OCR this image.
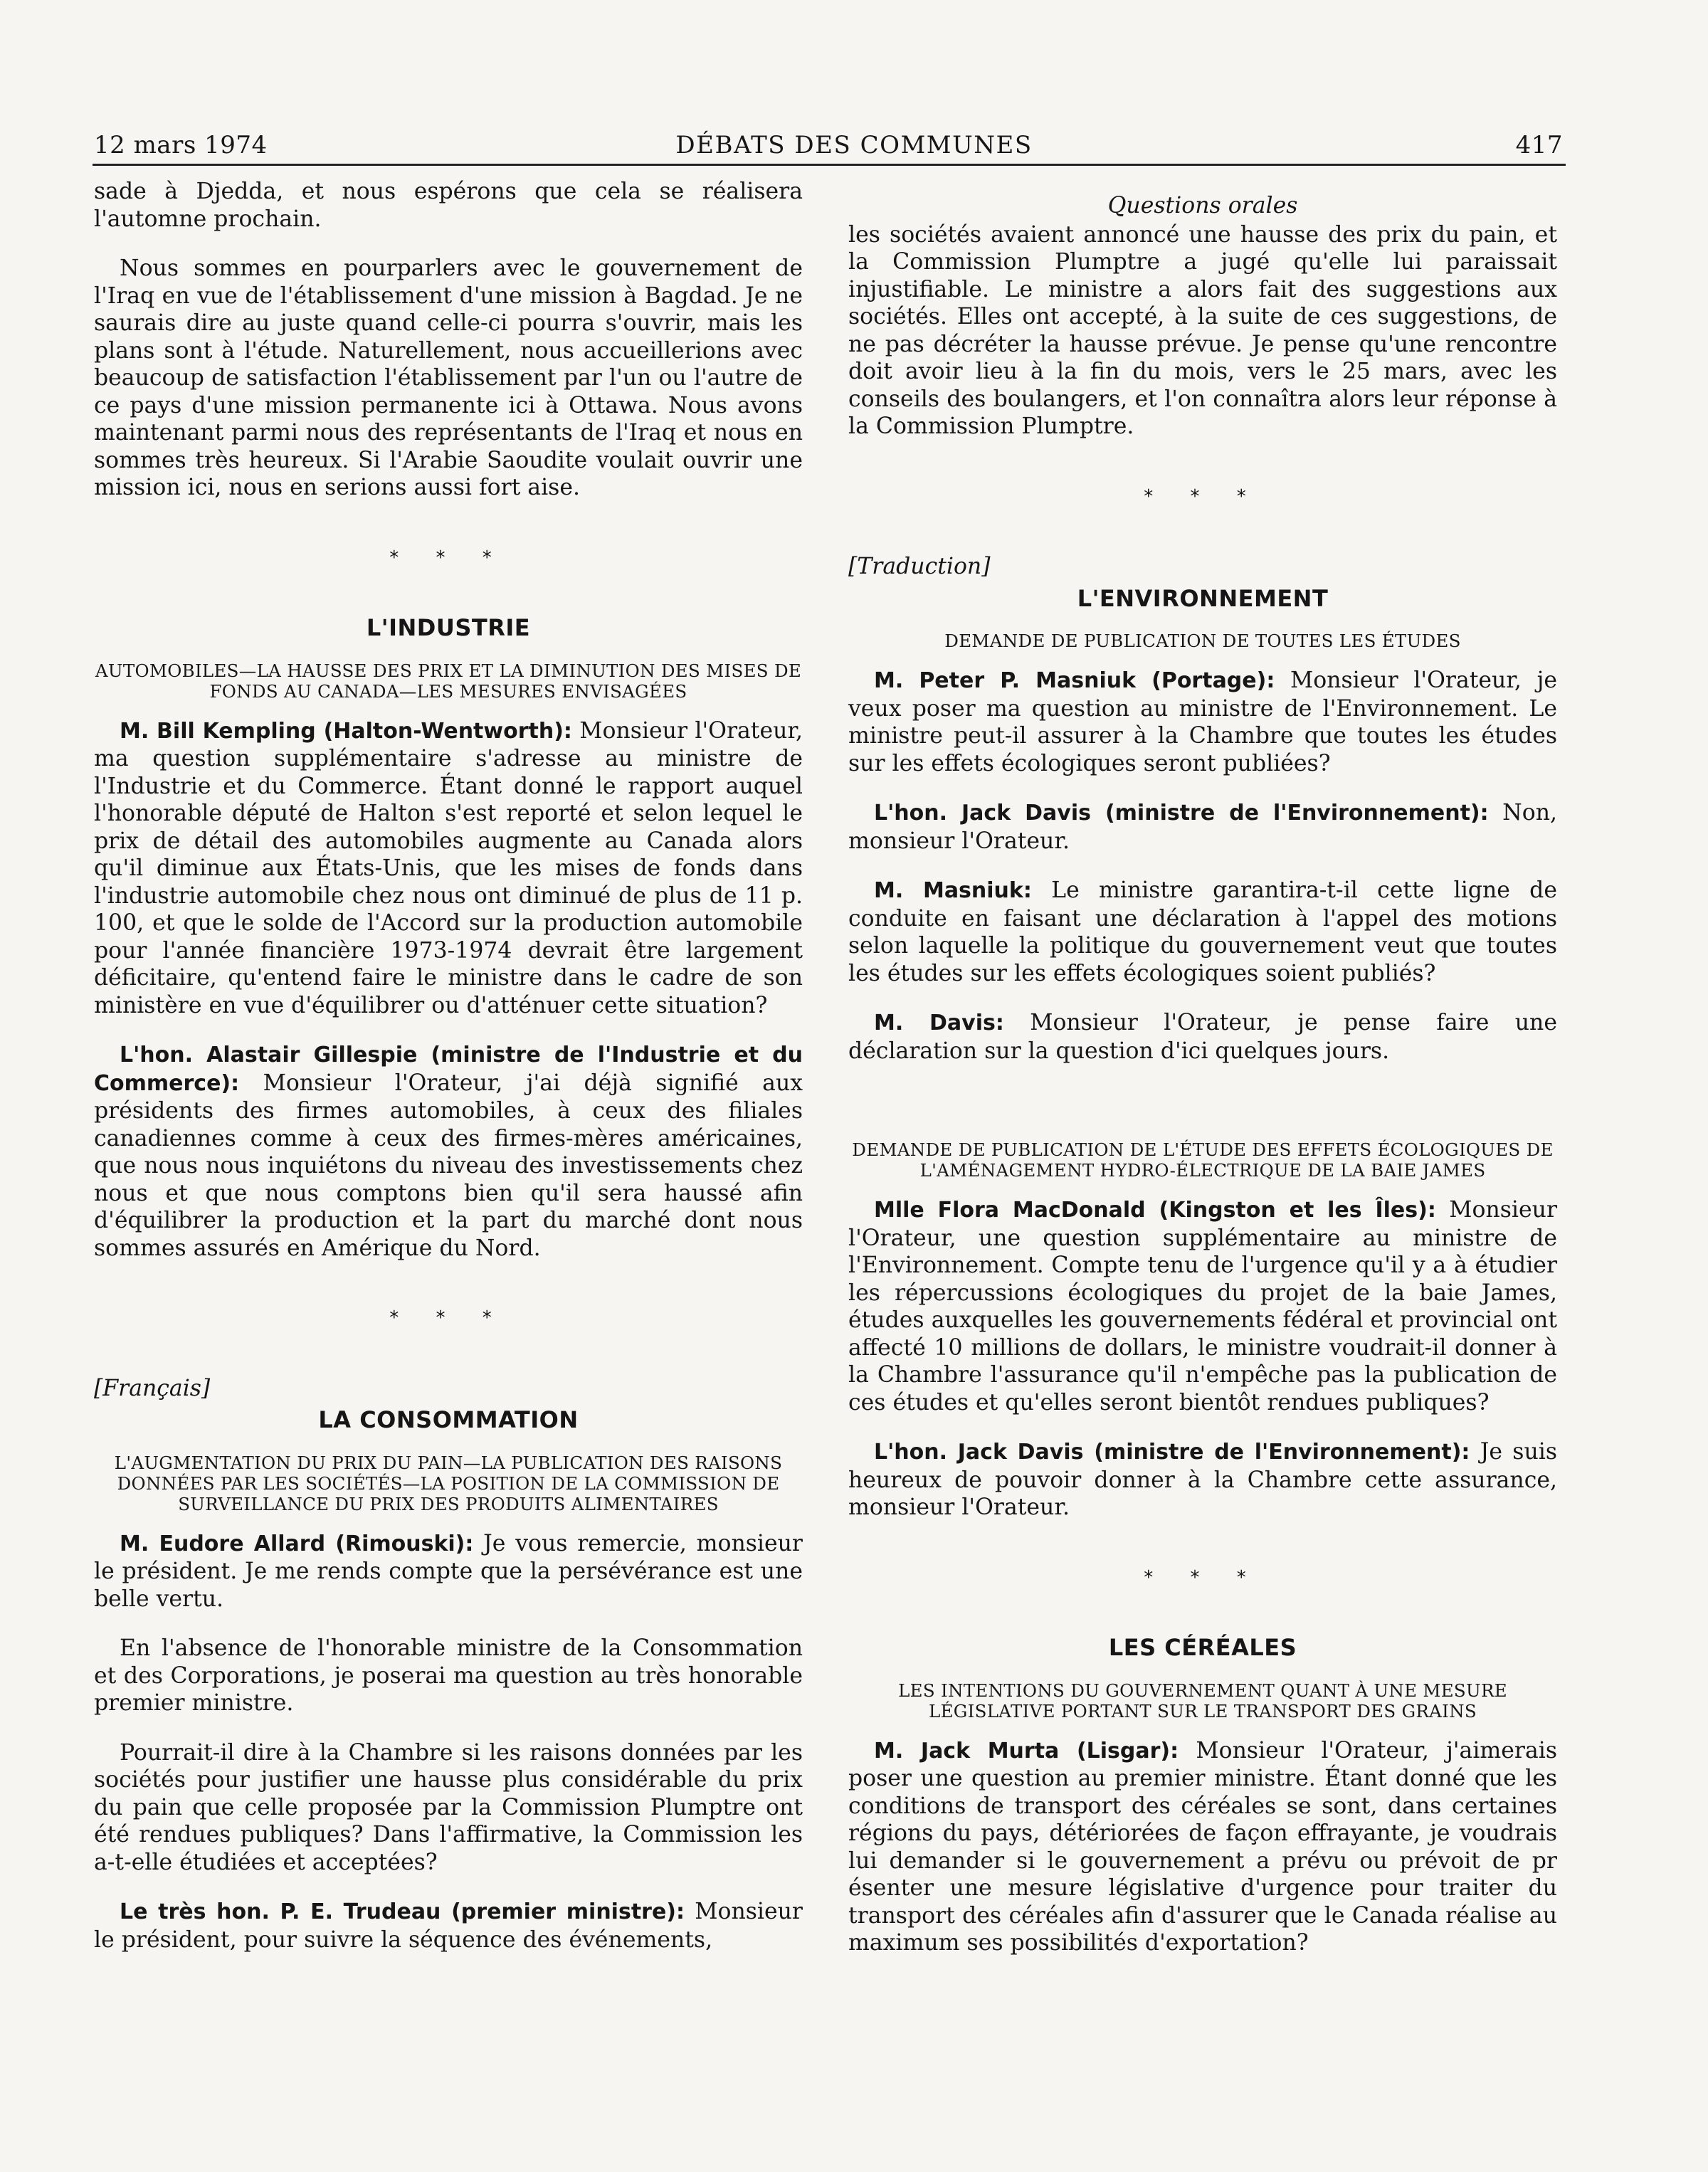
12 mars 1974	DÉBATS DES COMMUNES	417

sade à Djedda, et nous espérons que cela se réalisera l'automne prochain.

Nous sommes en pourparlers avec le gouvernement de l'Iraq en vue de l'établissement d'une mission à Bagdad. Je ne saurais dire au juste quand celle-ci pourra s'ouvrir, mais les plans sont à l'étude. Naturellement, nous accueillerions avec beaucoup de satisfaction l'établissement par l'un ou l'autre de ce pays d'une mission permanente ici à Ottawa. Nous avons maintenant parmi nous des représentants de l'Iraq et nous en sommes très heureux. Si l'Arabie Saoudite voulait ouvrir une mission ici, nous en serions aussi fort aise.

* * *
L'INDUSTRIE
AUTOMOBILES—LA HAUSSE DES PRIX ET LA DIMINUTION DES MISES DE FONDS AU CANADA—LES MESURES ENVISAGÉES

M. Bill Kempling (Halton-Wentworth): Monsieur l'Orateur, ma question supplémentaire s'adresse au ministre de l'Industrie et du Commerce. Étant donné le rapport auquel l'honorable député de Halton s'est reporté et selon lequel le prix de détail des automobiles augmente au Canada alors qu'il diminue aux États-Unis, que les mises de fonds dans l'industrie automobile chez nous ont diminué de plus de 11 p. 100, et que le solde de l'Accord sur la production automobile pour l'année financière 1973-1974 devrait être largement déficitaire, qu'entend faire le ministre dans le cadre de son ministère en vue d'équilibrer ou d'atténuer cette situation?

L'hon. Alastair Gillespie (ministre de l'Industrie et du Commerce): Monsieur l'Orateur, j'ai déjà signifié aux présidents des firmes automobiles, à ceux des filiales canadiennes comme à ceux des firmes-mères américaines, que nous nous inquiétons du niveau des investissements chez nous et que nous comptons bien qu'il sera haussé afin d'équilibrer la production et la part du marché dont nous sommes assurés en Amérique du Nord.

* * *
[Français]
LA CONSOMMATION
L'AUGMENTATION DU PRIX DU PAIN—LA PUBLICATION DES RAISONS DONNÉES PAR LES SOCIÉTÉS—LA POSITION DE LA COMMISSION DE SURVEILLANCE DU PRIX DES PRODUITS ALIMENTAIRES

M. Eudore Allard (Rimouski): Je vous remercie, monsieur le président. Je me rends compte que la persévérance est une belle vertu.

En l'absence de l'honorable ministre de la Consommation et des Corporations, je poserai ma question au très honorable premier ministre.

Pourrait-il dire à la Chambre si les raisons données par les sociétés pour justifier une hausse plus considérable du prix du pain que celle proposée par la Commission Plumptre ont été rendues publiques? Dans l'affirmative, la Commission les a-t-elle étudiées et acceptées?

Le très hon. P. E. Trudeau (premier ministre): Monsieur le président, pour suivre la séquence des événements,

Questions orales

les sociétés avaient annoncé une hausse des prix du pain, et la Commission Plumptre a jugé qu'elle lui paraissait injustifiable. Le ministre a alors fait des suggestions aux sociétés. Elles ont accepté, à la suite de ces suggestions, de ne pas décréter la hausse prévue. Je pense qu'une rencontre doit avoir lieu à la fin du mois, vers le 25 mars, avec les conseils des boulangers, et l'on connaîtra alors leur réponse à la Commission Plumptre.

* * *
[Traduction]
L'ENVIRONNEMENT
DEMANDE DE PUBLICATION DE TOUTES LES ÉTUDES

M. Peter P. Masniuk (Portage): Monsieur l'Orateur, je veux poser ma question au ministre de l'Environnement. Le ministre peut-il assurer à la Chambre que toutes les études sur les effets écologiques seront publiées?

L'hon. Jack Davis (ministre de l'Environnement): Non, monsieur l'Orateur.

M. Masniuk: Le ministre garantira-t-il cette ligne de conduite en faisant une déclaration à l'appel des motions selon laquelle la politique du gouvernement veut que toutes les études sur les effets écologiques soient publiés?

M. Davis: Monsieur l'Orateur, je pense faire une déclaration sur la question d'ici quelques jours.

DEMANDE DE PUBLICATION DE L'ÉTUDE DES EFFETS ÉCOLOGIQUES DE L'AMÉNAGEMENT HYDRO-ÉLECTRIQUE DE LA BAIE JAMES

Mlle Flora MacDonald (Kingston et les Îles): Monsieur l'Orateur, une question supplémentaire au ministre de l'Environnement. Compte tenu de l'urgence qu'il y a à étudier les répercussions écologiques du projet de la baie James, études auxquelles les gouvernements fédéral et provincial ont affecté 10 millions de dollars, le ministre voudrait-il donner à la Chambre l'assurance qu'il n'empêche pas la publication de ces études et qu'elles seront bientôt rendues publiques?

L'hon. Jack Davis (ministre de l'Environnement): Je suis heureux de pouvoir donner à la Chambre cette assurance, monsieur l'Orateur.

* * *
LES CÉRÉALES
LES INTENTIONS DU GOUVERNEMENT QUANT À UNE MESURE LÉGISLATIVE PORTANT SUR LE TRANSPORT DES GRAINS

M. Jack Murta (Lisgar): Monsieur l'Orateur, j'aimerais poser une question au premier ministre. Étant donné que les conditions de transport des céréales se sont, dans certaines régions du pays, détériorées de façon effrayante, je voudrais lui demander si le gouvernement a prévu ou prévoit de pr ésenter une mesure législative d'urgence pour traiter du transport des céréales afin d'assurer que le Canada réalise au maximum ses possibilités d'exportation?
